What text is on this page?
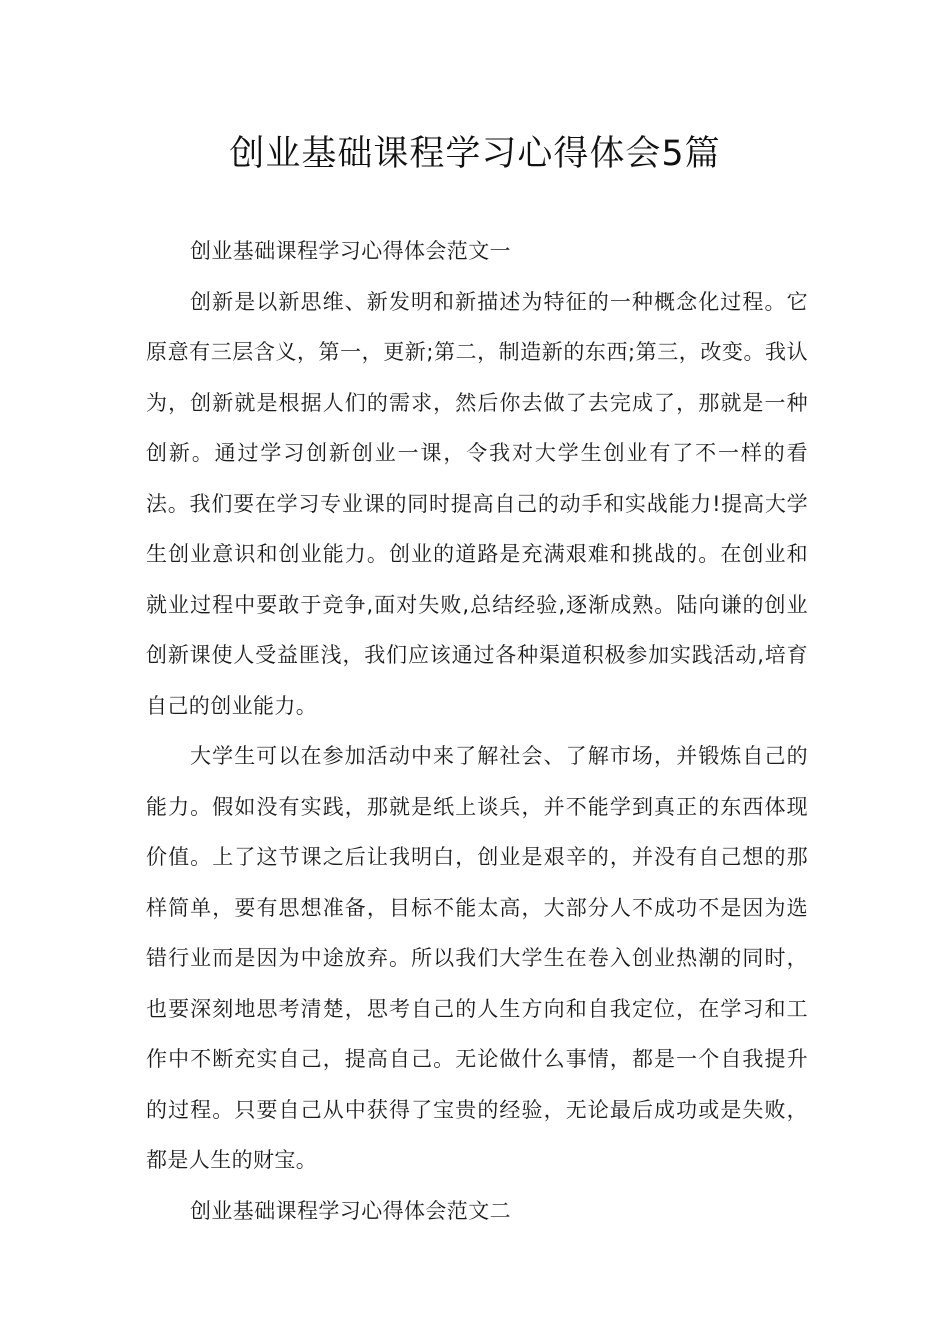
创业基础课程学习心得体会5篇

创业基础课程学习心得体会范文一

创新是以新思维、新发明和新描述为特征的一种概念化过程。它原意有三层含义，第一，更新;第二，制造新的东西;第三，改变。我认为，创新就是根据人们的需求，然后你去做了去完成了，那就是一种创新。通过学习创新创业一课，令我对大学生创业有了不一样的看法。我们要在学习专业课的同时提高自己的动手和实战能力!提高大学生创业意识和创业能力。创业的道路是充满艰难和挑战的。在创业和就业过程中要敢于竞争,面对失败,总结经验,逐渐成熟。陆向谦的创业创新课使人受益匪浅，我们应该通过各种渠道积极参加实践活动,培育自己的创业能力。

大学生可以在参加活动中来了解社会、了解市场，并锻炼自己的能力。假如没有实践，那就是纸上谈兵，并不能学到真正的东西体现价值。上了这节课之后让我明白，创业是艰辛的，并没有自己想的那样简单，要有思想准备，目标不能太高，大部分人不成功不是因为选错行业而是因为中途放弃。所以我们大学生在卷入创业热潮的同时，也要深刻地思考清楚，思考自己的人生方向和自我定位，在学习和工作中不断充实自己，提高自己。无论做什么事情，都是一个自我提升的过程。只要自己从中获得了宝贵的经验，无论最后成功或是失败，都是人生的财宝。

创业基础课程学习心得体会范文二
